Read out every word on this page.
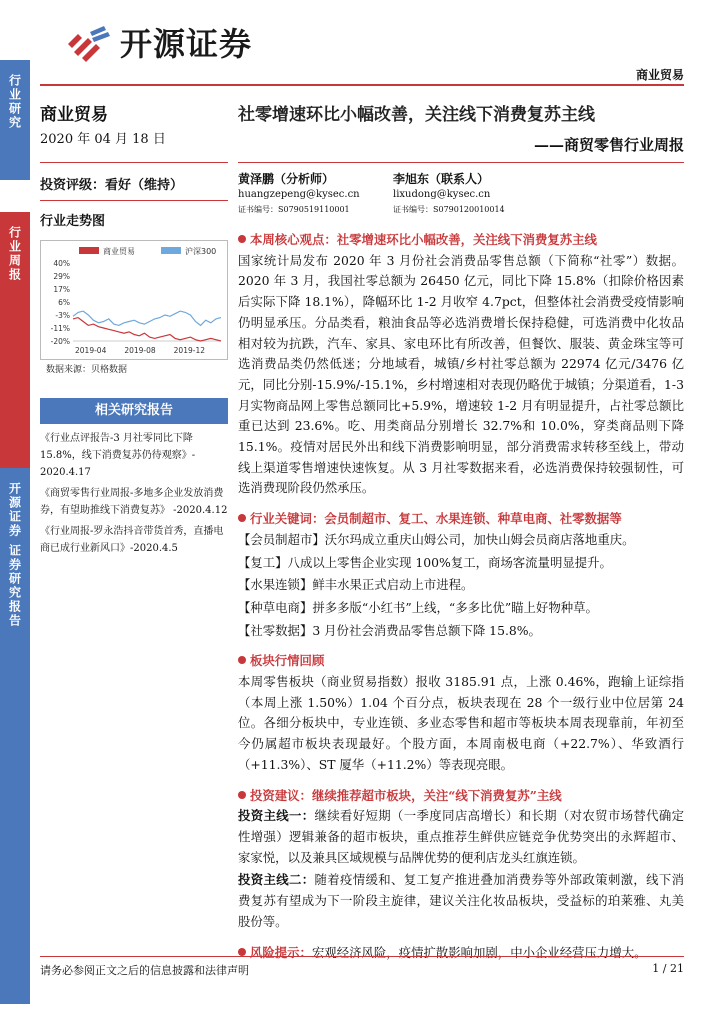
行业研究
行业周报
开源证券 证券研究报告
开源证券
商业贸易
商业贸易
2020 年 04 月 18 日
投资评级：看好（维持）
行业走势图
商业贸易	沪深300
40%
29%
17%
6%
-3%
-11%
-20%
2019-04 2019-08 2019-12
数据来源：贝格数据
相关研究报告
《行业点评报告-3 月社零同比下降 15.8%，线下消费复苏仍待观察》- 2020.4.17
《商贸零售行业周报-多地多企业发放消费券，有望助推线下消费复苏》 -2020.4.12
《行业周报-罗永浩抖音带货首秀，直播电商已成行业新风口》-2020.4.5
社零增速环比小幅改善，关注线下消费复苏主线
——商贸零售行业周报
黄泽鹏（分析师）
huangzepeng@kysec.cn
证书编号：S0790519110001
李旭东（联系人）
lixudong@kysec.cn
证书编号：S0790120010014
本周核心观点：社零增速环比小幅改善，关注线下消费复苏主线
国家统计局发布 2020 年 3 月份社会消费品零售总额（下简称“社零”）数据。2020 年 3 月，我国社零总额为 26450 亿元，同比下降 15.8%（扣除价格因素后实际下降 18.1%），降幅环比 1-2 月收窄 4.7pct，但整体社会消费受疫情影响仍明显承压。分品类看，粮油食品等必选消费增长保持稳健，可选消费中化妆品相对较为抗跌，汽车、家具、家电环比有所改善，但餐饮、服装、黄金珠宝等可选消费品类仍然低迷；分地域看，城镇/乡村社零总额为 22974 亿元/3476 亿元，同比分别-15.9%/-15.1%，乡村增速相对表现仍略优于城镇；分渠道看，1-3 月实物商品网上零售总额同比+5.9%，增速较 1-2 月有明显提升，占社零总额比重已达到 23.6%。吃、用类商品分别增长 32.7%和 10.0%，穿类商品则下降 15.1%。疫情对居民外出和线下消费影响明显，部分消费需求转移至线上，带动线上渠道零售增速快速恢复。从 3 月社零数据来看，必选消费保持较强韧性，可选消费现阶段仍然承压。
行业关键词：会员制超市、复工、水果连锁、种草电商、社零数据等
【会员制超市】沃尔玛成立重庆山姆公司，加快山姆会员商店落地重庆。
【复工】八成以上零售企业实现 100%复工，商场客流量明显提升。
【水果连锁】鲜丰水果正式启动上市进程。
【种草电商】拼多多版“小红书”上线，“多多比优”瞄上好物种草。
【社零数据】3 月份社会消费品零售总额下降 15.8%。
板块行情回顾
本周零售板块（商业贸易指数）报收 3185.91 点，上涨 0.46%，跑输上证综指（本周上涨 1.50%）1.04 个百分点，板块表现在 28 个一级行业中位居第 24 位。各细分板块中，专业连锁、多业态零售和超市等板块本周表现靠前，年初至今仍属超市板块表现最好。个股方面，本周南极电商（+22.7%）、华致酒行（+11.3%）、ST 厦华（+11.2%）等表现亮眼。
投资建议：继续推荐超市板块，关注“线下消费复苏”主线
投资主线一：继续看好短期（一季度同店高增长）和长期（对农贸市场替代确定性增强）逻辑兼备的超市板块，重点推荐生鲜供应链竞争优势突出的永辉超市、家家悦，以及兼具区域规模与品牌优势的便利店龙头红旗连锁。
投资主线二：随着疫情缓和、复工复产推进叠加消费券等外部政策刺激，线下消费复苏有望成为下一阶段主旋律，建议关注化妆品板块，受益标的珀莱雅、丸美股份等。
风险提示：宏观经济风险，疫情扩散影响加剧，中小企业经营压力增大。
请务必参阅正文之后的信息披露和法律声明	1 / 21
